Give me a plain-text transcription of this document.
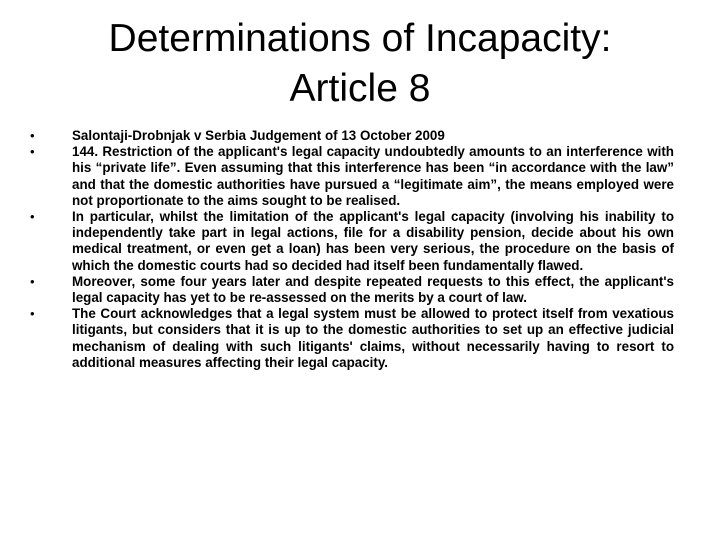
Determinations of Incapacity:
Article 8
•	Salontaji-Drobnjak v Serbia Judgement of 13 October 2009
•	144. Restriction of the applicant's legal capacity undoubtedly amounts to an interference with his “private life”. Even assuming that this interference has been “in accordance with the law” and that the domestic authorities have pursued a “legitimate aim”, the means employed were not proportionate to the aims sought to be realised.
•	In particular, whilst the limitation of the applicant's legal capacity (involving his inability to independently take part in legal actions, file for a disability pension, decide about his own medical treatment, or even get a loan) has been very serious, the procedure on the basis of which the domestic courts had so decided had itself been fundamentally flawed.
•	Moreover, some four years later and despite repeated requests to this effect, the applicant's legal capacity has yet to be re-assessed on the merits by a court of law.
•	The Court acknowledges that a legal system must be allowed to protect itself from vexatious litigants, but considers that it is up to the domestic authorities to set up an effective judicial mechanism of dealing with such litigants' claims, without necessarily having to resort to additional measures affecting their legal capacity.
